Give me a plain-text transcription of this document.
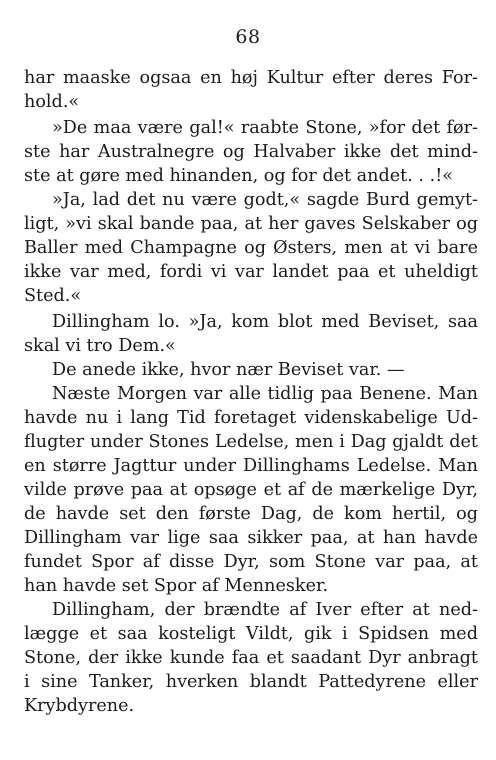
68
har maaske ogsaa en høj Kultur efter deres For-
hold.«
»De maa være gal!« raabte Stone, »for det før-
ste har Australnegre og Halvaber ikke det mind-
ste at gøre med hinanden, og for det andet. . .!«
»Ja, lad det nu være godt,« sagde Burd gemyt-
ligt, »vi skal bande paa, at her gaves Selskaber og
Baller med Champagne og Østers, men at vi bare
ikke var med, fordi vi var landet paa et uheldigt
Sted.«
Dillingham lo. »Ja, kom blot med Beviset, saa
skal vi tro Dem.«
De anede ikke, hvor nær Beviset var. —
Næste Morgen var alle tidlig paa Benene. Man
havde nu i lang Tid foretaget videnskabelige Ud-
flugter under Stones Ledelse, men i Dag gjaldt det
en større Jagttur under Dillinghams Ledelse. Man
vilde prøve paa at opsøge et af de mærkelige Dyr,
de havde set den første Dag, de kom hertil, og
Dillingham var lige saa sikker paa, at han havde
fundet Spor af disse Dyr, som Stone var paa, at
han havde set Spor af Mennesker.
Dillingham, der brændte af Iver efter at ned-
lægge et saa kosteligt Vildt, gik i Spidsen med
Stone, der ikke kunde faa et saadant Dyr anbragt
i sine Tanker, hverken blandt Pattedyrene eller
Krybdyrene.
